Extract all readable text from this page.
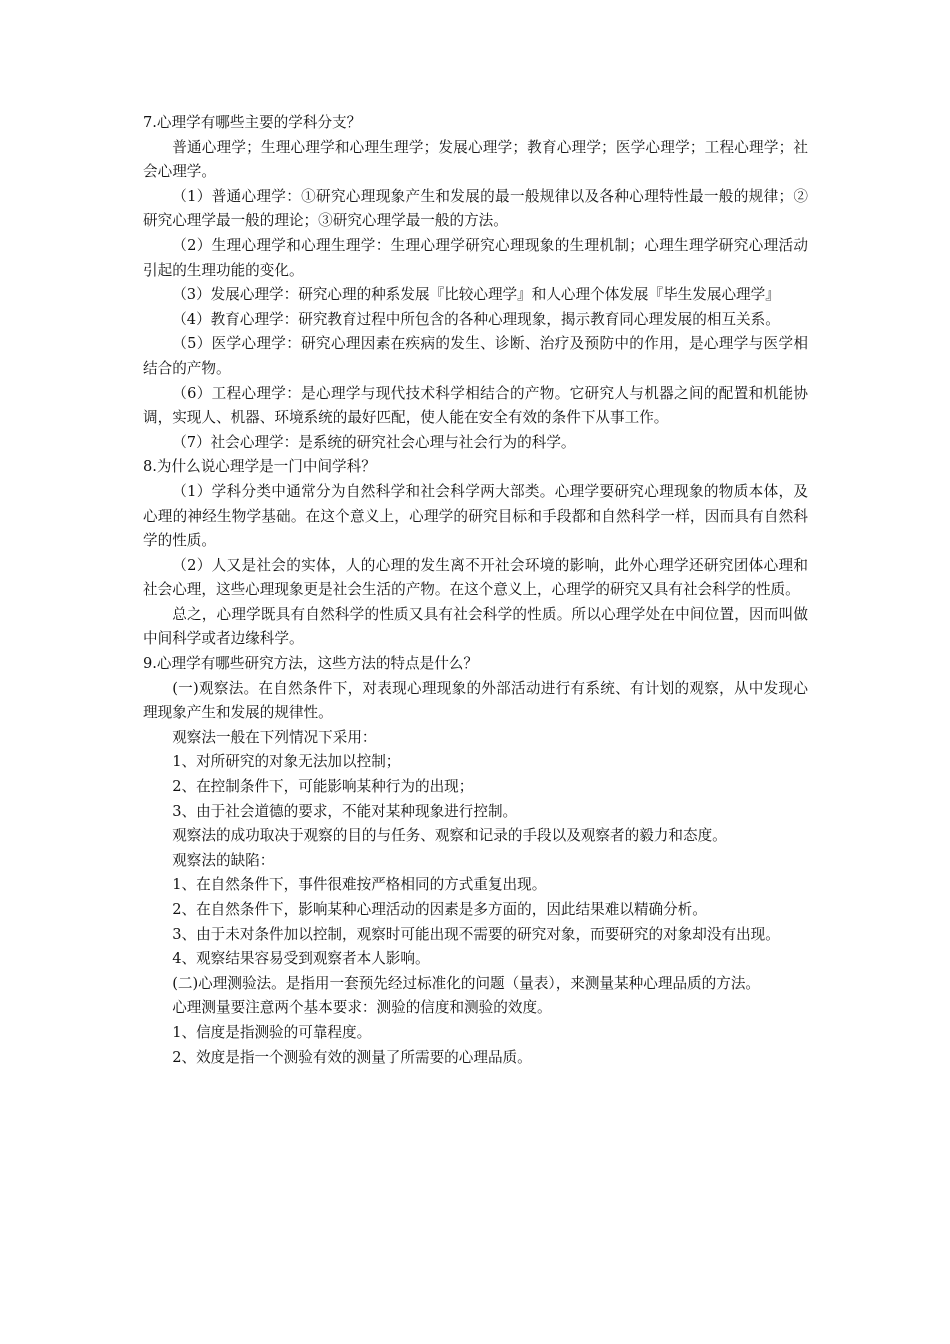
7.心理学有哪些主要的学科分支？

普通心理学；生理心理学和心理生理学；发展心理学；教育心理学；医学心理学；工程心理学；社会心理学。

（1）普通心理学：①研究心理现象产生和发展的最一般规律以及各种心理特性最一般的规律；②研究心理学最一般的理论；③研究心理学最一般的方法。

（2）生理心理学和心理生理学：生理心理学研究心理现象的生理机制；心理生理学研究心理活动引起的生理功能的变化。

（3）发展心理学：研究心理的种系发展『比较心理学』和人心理个体发展『毕生发展心理学』

（4）教育心理学：研究教育过程中所包含的各种心理现象，揭示教育同心理发展的相互关系。

（5）医学心理学：研究心理因素在疾病的发生、诊断、治疗及预防中的作用，是心理学与医学相结合的产物。

（6）工程心理学：是心理学与现代技术科学相结合的产物。它研究人与机器之间的配置和机能协调，实现人、机器、环境系统的最好匹配，使人能在安全有效的条件下从事工作。

（7）社会心理学：是系统的研究社会心理与社会行为的科学。

8.为什么说心理学是一门中间学科？

（1）学科分类中通常分为自然科学和社会科学两大部类。心理学要研究心理现象的物质本体，及心理的神经生物学基础。在这个意义上，心理学的研究目标和手段都和自然科学一样，因而具有自然科学的性质。

（2）人又是社会的实体，人的心理的发生离不开社会环境的影响，此外心理学还研究团体心理和社会心理，这些心理现象更是社会生活的产物。在这个意义上，心理学的研究又具有社会科学的性质。

总之，心理学既具有自然科学的性质又具有社会科学的性质。所以心理学处在中间位置，因而叫做中间科学或者边缘科学。

9.心理学有哪些研究方法，这些方法的特点是什么？

(一)观察法。在自然条件下，对表现心理现象的外部活动进行有系统、有计划的观察，从中发现心理现象产生和发展的规律性。

观察法一般在下列情况下采用：

1、对所研究的对象无法加以控制；

2、在控制条件下，可能影响某种行为的出现；

3、由于社会道德的要求，不能对某种现象进行控制。

观察法的成功取决于观察的目的与任务、观察和记录的手段以及观察者的毅力和态度。

观察法的缺陷：

1、在自然条件下，事件很难按严格相同的方式重复出现。

2、在自然条件下，影响某种心理活动的因素是多方面的，因此结果难以精确分析。

3、由于未对条件加以控制，观察时可能出现不需要的研究对象，而要研究的对象却没有出现。

4、观察结果容易受到观察者本人影响。

(二)心理测验法。是指用一套预先经过标准化的问题（量表），来测量某种心理品质的方法。

心理测量要注意两个基本要求：测验的信度和测验的效度。

1、信度是指测验的可靠程度。

2、效度是指一个测验有效的测量了所需要的心理品质。
